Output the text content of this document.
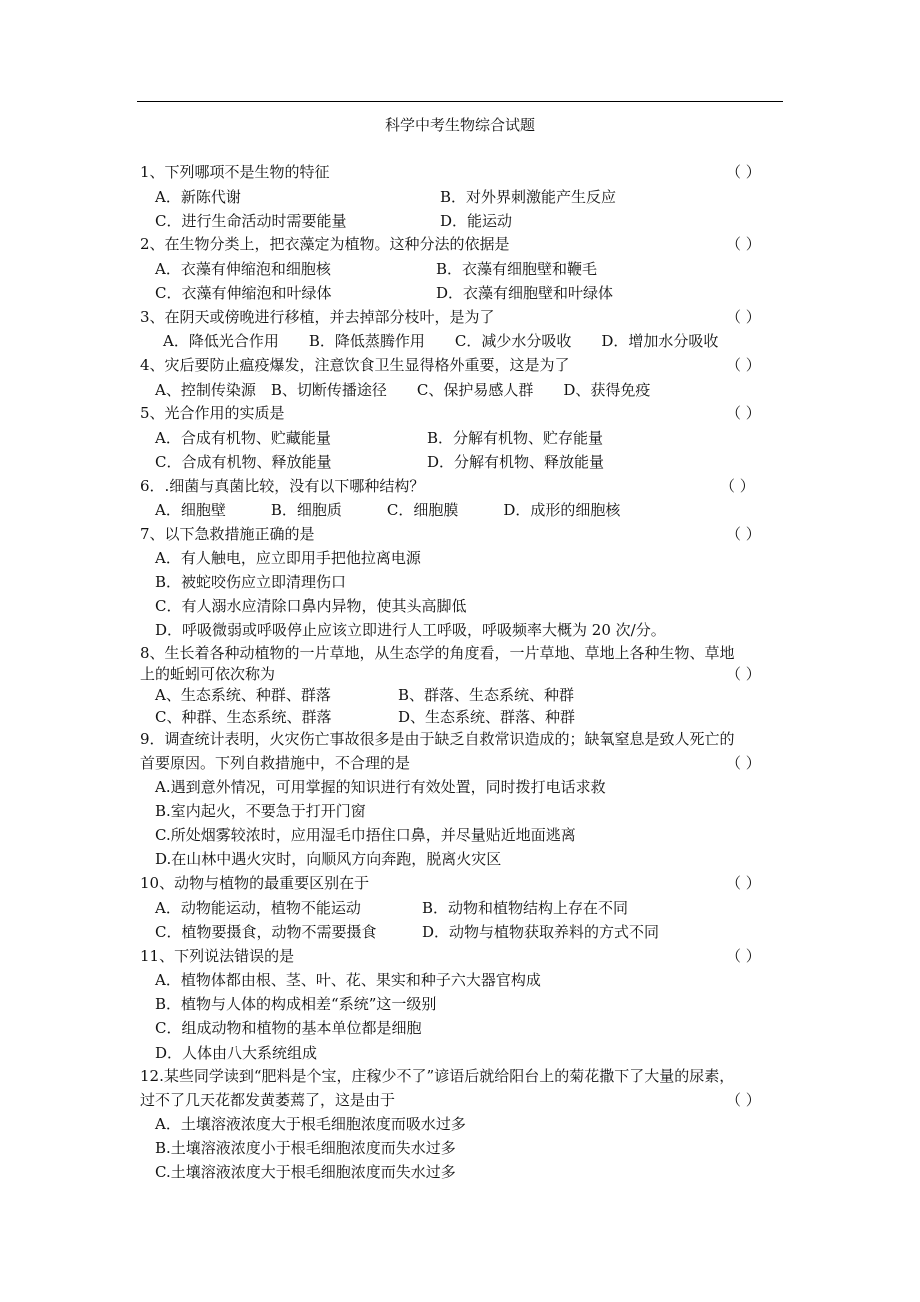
科学中考生物综合试题
1、下列哪项不是生物的特征	（ ）
A．新陈代谢	B．对外界刺激能产生反应
C．进行生命活动时需要能量	D．能运动
2、在生物分类上，把衣藻定为植物。这种分法的依据是	（ ）
A．衣藻有伸缩泡和细胞核	B．衣藻有细胞壁和鞭毛
C．衣藻有伸缩泡和叶绿体	D．衣藻有细胞壁和叶绿体
3、在阴天或傍晚进行移植，并去掉部分枝叶，是为了	（ ）
A．降低光合作用　　B．降低蒸腾作用　　C．减少水分吸收　　D．增加水分吸收
4、灾后要防止瘟疫爆发，注意饮食卫生显得格外重要，这是为了	（ ）
A、控制传染源　B、切断传播途径　　C、保护易感人群　　D、获得免疫
5、光合作用的实质是	（ ）
A．合成有机物、贮藏能量	B．分解有机物、贮存能量
C．合成有机物、释放能量	D．分解有机物、释放能量
6．.细菌与真菌比较，没有以下哪种结构？	（ ）
A．细胞壁　　　B．细胞质　　　C．细胞膜　　　D．成形的细胞核
7、以下急救措施正确的是	（ ）
A．有人触电，应立即用手把他拉离电源
B．被蛇咬伤应立即清理伤口
C．有人溺水应清除口鼻内异物，使其头高脚低
D．呼吸微弱或呼吸停止应该立即进行人工呼吸，呼吸频率大概为 20 次/分。
8、生长着各种动植物的一片草地，从生态学的角度看，一片草地、草地上各种生物、草地
上的蚯蚓可依次称为	（ ）
A、生态系统、种群、群落	B、群落、生态系统、种群
C、种群、生态系统、群落	D、生态系统、群落、种群
9．调查统计表明，火灾伤亡事故很多是由于缺乏自救常识造成的；缺氧窒息是致人死亡的
首要原因。下列自救措施中，不合理的是	（ ）
A.遇到意外情况，可用掌握的知识进行有效处置，同时拨打电话求救
B.室内起火，不要急于打开门窗
C.所处烟雾较浓时，应用湿毛巾捂住口鼻，并尽量贴近地面逃离
D.在山林中遇火灾时，向顺风方向奔跑，脱离火灾区
10、动物与植物的最重要区别在于	（ ）
A．动物能运动，植物不能运动	B．动物和植物结构上存在不同
C．植物要摄食，动物不需要摄食	D．动物与植物获取养料的方式不同
11、下列说法错误的是	（ ）
A．植物体都由根、茎、叶、花、果实和种子六大器官构成
B．植物与人体的构成相差“系统”这一级别
C．组成动物和植物的基本单位都是细胞
D．人体由八大系统组成
12.某些同学读到“肥料是个宝，庄稼少不了”谚语后就给阳台上的菊花撒下了大量的尿素，
过不了几天花都发黄萎蔫了，这是由于	（ ）
A．土壤溶液浓度大于根毛细胞浓度而吸水过多
B.土壤溶液浓度小于根毛细胞浓度而失水过多
C.土壤溶液浓度大于根毛细胞浓度而失水过多
